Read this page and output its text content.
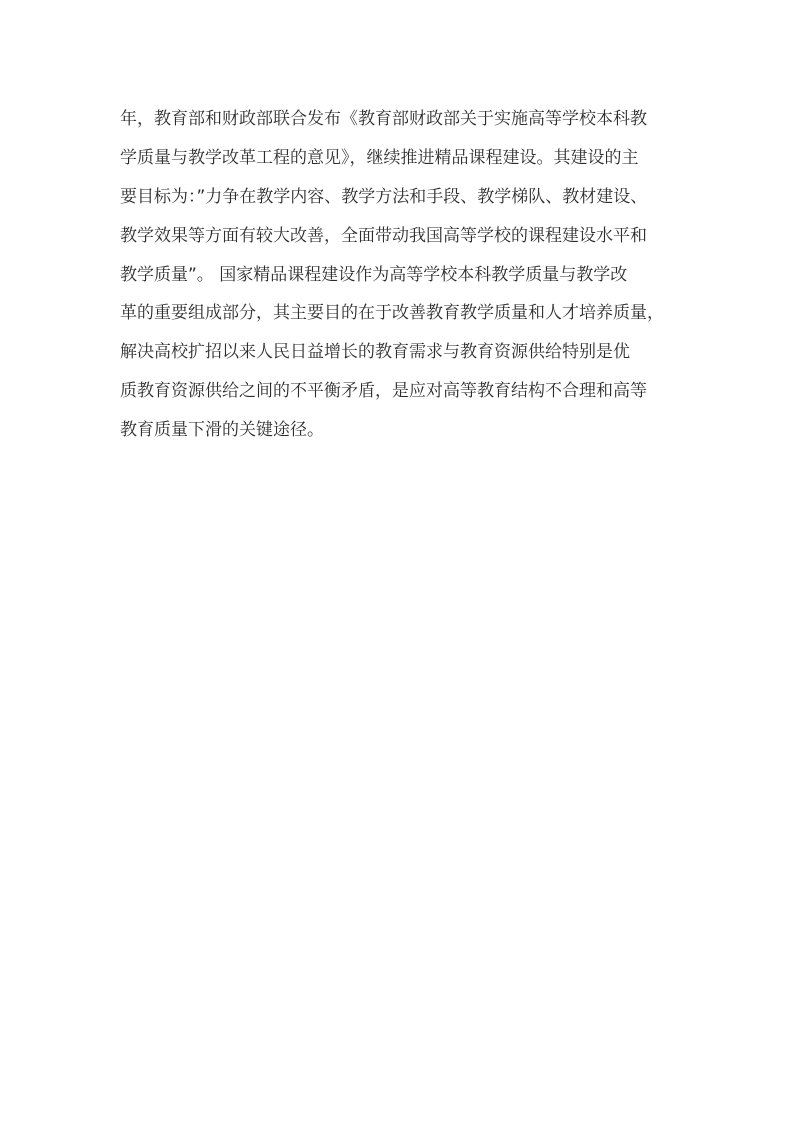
年，教育部和财政部联合发布《教育部财政部关于实施高等学校本科教
学质量与教学改革工程的意见》，继续推进精品课程建设。其建设的主
要目标为：”力争在教学内容、教学方法和手段、教学梯队、教材建设、
教学效果等方面有较大改善，全面带动我国高等学校的课程建设水平和
教学质量”。 国家精品课程建设作为高等学校本科教学质量与教学改
革的重要组成部分，其主要目的在于改善教育教学质量和人才培养质量，
解决高校扩招以来人民日益增长的教育需求与教育资源供给特别是优
质教育资源供给之间的不平衡矛盾，是应对高等教育结构不合理和高等
教育质量下滑的关键途径。
